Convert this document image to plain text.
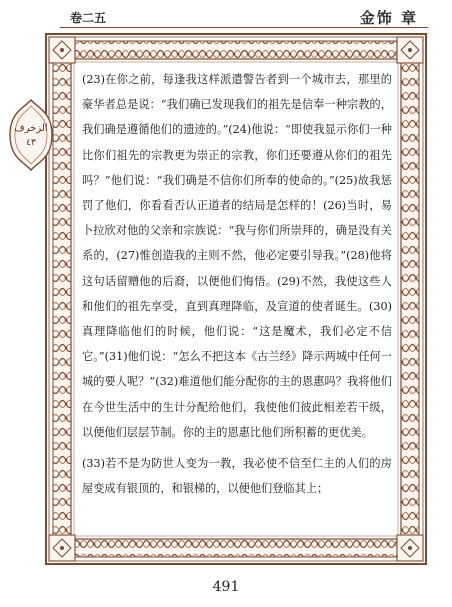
卷二五	金饰 章
الزخرف
٤٣

(23)在你之前，每逢我这样派遣警告者到一个城市去，那里的豪华者总是说：“我们确已发现我们的祖先是信奉一种宗教的，我们确是遵循他们的遗迹的。”(24)他说：“即使我显示你们一种比你们祖先的宗教更为崇正的宗教，你们还要遵从你们的祖先吗？”他们说：“我们确是不信你们所奉的使命的。”(25)故我惩罚了他们，你看看否认正道者的结局是怎样的！(26)当时，易卜拉欣对他的父亲和宗族说：“我与你们所崇拜的，确是没有关系的，(27)惟创造我的主则不然，他必定要引导我。”(28)他将这句话留赠他的后裔，以便他们悔悟。(29)不然，我使这些人和他们的祖先享受，直到真理降临，及宣道的使者诞生。(30)真理降临他们的时候，他们说：“这是魔术，我们必定不信它。”(31)他们说：“怎么不把这本《古兰经》降示两城中任何一城的要人呢？”(32)难道他们能分配你的主的恩惠吗？我将他们在今世生活中的生计分配给他们，我使他们彼此相差若干级，以便他们层层节制。你的主的恩惠比他们所积蓄的更优美。

(33)若不是为防世人变为一教，我必使不信至仁主的人们的房屋变成有银顶的，和银梯的，以便他们登临其上；

491
